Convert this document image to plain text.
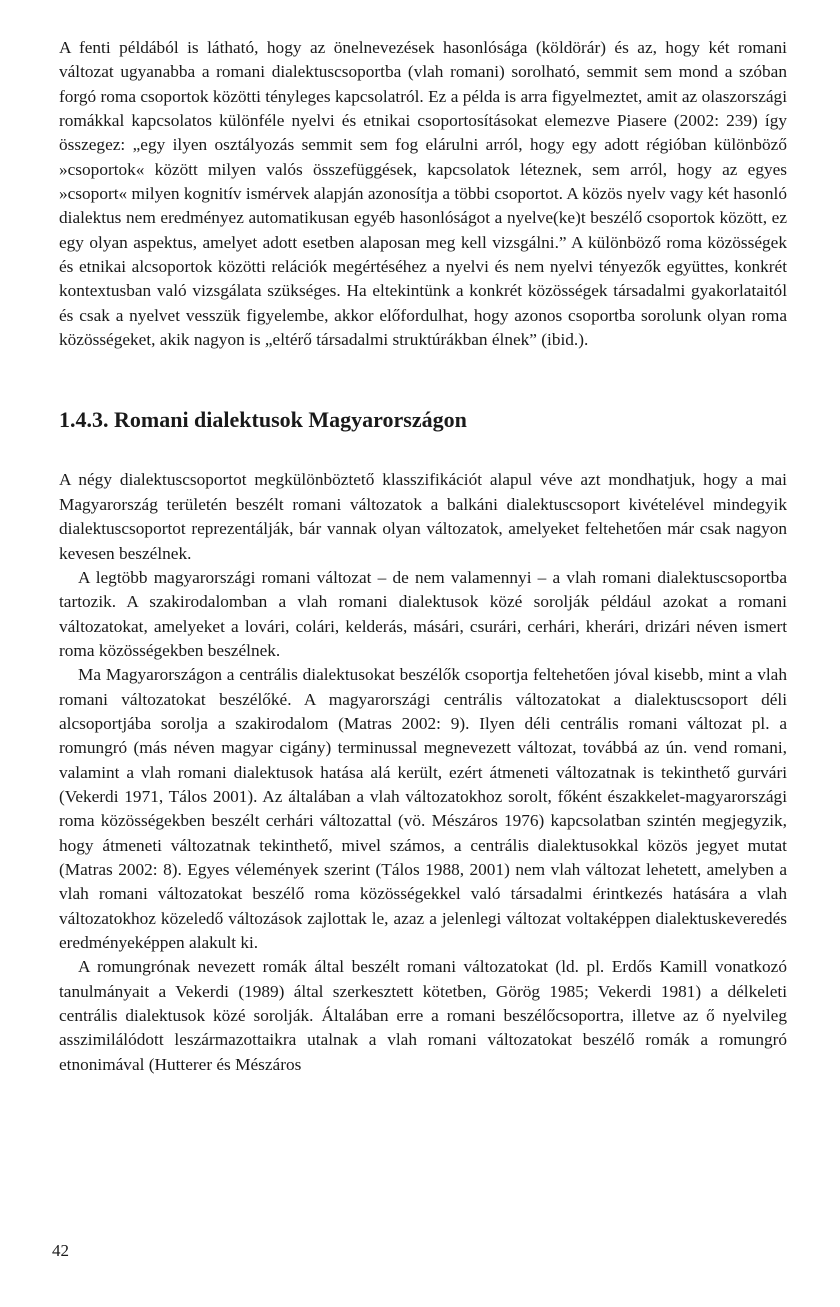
A fenti példából is látható, hogy az önelnevezések hasonlósága (köldörár) és az, hogy két romani változat ugyanabba a romani dialektuscsoportba (vlah romani) sorolható, semmit sem mond a szóban forgó roma csoportok közötti tényleges kapcsolatról. Ez a példa is arra figyelmeztet, amit az olaszországi romákkal kapcsolatos különféle nyelvi és etnikai csoportosításokat elemezve Piasere (2002: 239) így összegez: „egy ilyen osztályozás semmit sem fog elárulni arról, hogy egy adott régióban különböző »csoportok« között milyen valós összefüggések, kapcsolatok léteznek, sem arról, hogy az egyes »csoport« milyen kognitív ismérvek alapján azonosítja a többi csoportot. A közös nyelv vagy két hasonló dialektus nem eredményez automatikusan egyéb hasonlóságot a nyelve(ke)t beszélő csoportok között, ez egy olyan aspektus, amelyet adott esetben alaposan meg kell vizsgálni.” A különböző roma közösségek és etnikai alcsoportok közötti relációk megértéséhez a nyelvi és nem nyelvi tényezők együttes, konkrét kontextusban való vizsgálata szükséges. Ha eltekintünk a konkrét közösségek társadalmi gyakorlataitól és csak a nyelvet vesszük figyelembe, akkor előfordulhat, hogy azonos csoportba sorolunk olyan roma közösségeket, akik nagyon is „eltérő társadalmi struktúrákban élnek” (ibid.).

1.4.3. Romani dialektusok Magyarországon

A négy dialektuscsoportot megkülönböztető klasszifikációt alapul véve azt mondhatjuk, hogy a mai Magyarország területén beszélt romani változatok a balkáni dialektuscsoport kivételével mindegyik dialektuscsoportot reprezentálják, bár vannak olyan változatok, amelyeket feltehetően már csak nagyon kevesen beszélnek.

A legtöbb magyarországi romani változat – de nem valamennyi – a vlah romani dialektuscsoportba tartozik. A szakirodalomban a vlah romani dialektusok közé sorolják például azokat a romani változatokat, amelyeket a lovári, colári, kelderás, másári, csurári, cerhári, kherári, drizári néven ismert roma közösségekben beszélnek.

Ma Magyarországon a centrális dialektusokat beszélők csoportja feltehetően jóval kisebb, mint a vlah romani változatokat beszélőké. A magyarországi centrális változatokat a dialektuscsoport déli alcsoportjába sorolja a szakirodalom (Matras 2002: 9). Ilyen déli centrális romani változat pl. a romungró (más néven magyar cigány) terminussal megnevezett változat, továbbá az ún. vend romani, valamint a vlah romani dialektusok hatása alá került, ezért átmeneti változatnak is tekinthető gurvári (Vekerdi 1971, Tálos 2001). Az általában a vlah változatokhoz sorolt, főként északkelet-magyarországi roma közösségekben beszélt cerhári változattal (vö. Mészáros 1976) kapcsolatban szintén megjegyzik, hogy átmeneti változatnak tekinthető, mivel számos, a centrális dialektusokkal közös jegyet mutat (Matras 2002: 8). Egyes vélemények szerint (Tálos 1988, 2001) nem vlah változat lehetett, amelyben a vlah romani változatokat beszélő roma közösségekkel való társadalmi érintkezés hatására a vlah változatokhoz közeledő változások zajlottak le, azaz a jelenlegi változat voltaképpen dialektuskeveredés eredményeképpen alakult ki.

A romungrónak nevezett romák által beszélt romani változatokat (ld. pl. Erdős Kamill vonatkozó tanulmányait a Vekerdi (1989) által szerkesztett kötetben, Görög 1985; Vekerdi 1981) a délkeleti centrális dialektusok közé sorolják. Általában erre a romani beszélőcsoportra, illetve az ő nyelvileg asszimilálódott leszármazottaikra utalnak a vlah romani változatokat beszélő romák a romungró etnonimával (Hutterer és Mészáros

42
